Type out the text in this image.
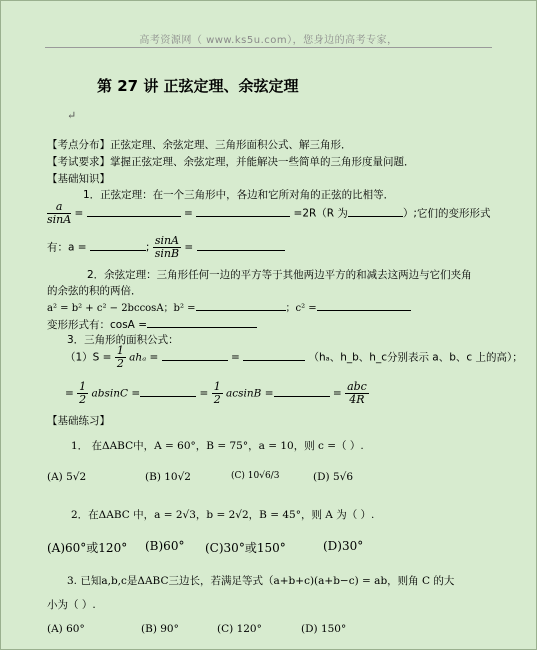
高考资源网（ www.ks5u.com），您身边的高考专家，
第 27 讲 正弦定理、余弦定理
↵
【考点分布】正弦定理、余弦定理、三角形面积公式、解三角形．
【考试要求】掌握正弦定理、余弦定理，并能解决一些简单的三角形度量问题．
【基础知识】
1．正弦定理：在一个三角形中，各边和它所对角的正弦的比相等．
$\frac{a}{\sin A}$ =	=	=2R（R 为	）;它们的变形形式
有：a =	; $\frac{\sin A}{\sin B}$ =
2．余弦定理：三角形任何一边的平方等于其他两边平方的和减去这两边与它们夹角
的余弦的积的两倍．
a² = b² + c² − 2bccosA；b² =	；c² =
变形形式有：cosA =
3．三角形的面积公式：
$(1)S = \frac{1}{2}$ ahₐ =	=	（hₐ、h_b、h_c分别表示 a、b、c 上的高）；
= $\frac{1}{2}$ absinC =	= $\frac{1}{2}$ acsinB =	= $\frac{\text{abc}}{4R}$
【基础练习】
1． 在ΔABC中，A = 60°，B = 75°，a = 10，则 c =（ ）.
(A) 5√2	(B) 10√2	(C) 10√6/3	(D) 5√6
2．在ΔABC 中，a = 2√3，b = 2√2，B = 45°，则 A 为（ ）.
(A)60°或120° (B)60° (C)30°或150°	(D)30°
3. 已知a,b,c是ΔABC三边长，若满足等式（a+b+c)(a+b−c) = ab，则角 C 的大
小为（ ）.
(A) 60°	(B) 90°	(C) 120°	(D) 150°
